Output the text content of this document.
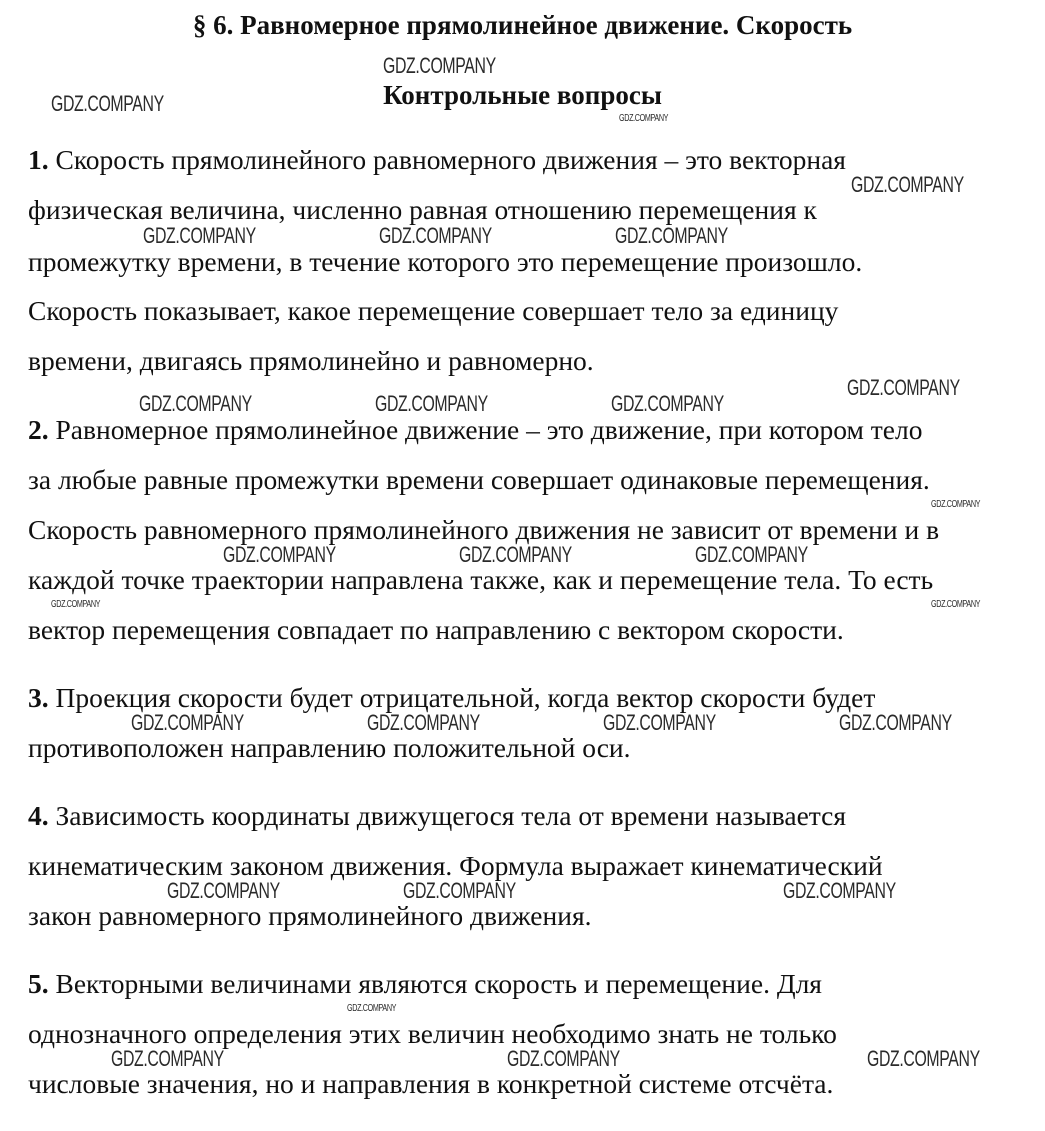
§ 6. Равномерное прямолинейное движение. Скорость
Контрольные вопросы
1. Скорость прямолинейного равномерного движения – это векторная
физическая величина, численно равная отношению перемещения к
промежутку времени, в течение которого это перемещение произошло.
Скорость показывает, какое перемещение совершает тело за единицу
времени, двигаясь прямолинейно и равномерно.
2. Равномерное прямолинейное движение – это движение, при котором тело
за любые равные промежутки времени совершает одинаковые перемещения.
Скорость равномерного прямолинейного движения не зависит от времени и в
каждой точке траектории направлена также, как и перемещение тела. То есть
вектор перемещения совпадает по направлению с вектором скорости.
3. Проекция скорости будет отрицательной, когда вектор скорости будет
противоположен направлению положительной оси.
4. Зависимость координаты движущегося тела от времени называется
кинематическим законом движения. Формула выражает кинематический
закон равномерного прямолинейного движения.
5. Векторными величинами являются скорость и перемещение. Для
однозначного определения этих величин необходимо знать не только
числовые значения, но и направления в конкретной системе отсчёта.
GDZ.COMPANY
GDZ.COMPANY
GDZ.COMPANY
GDZ.COMPANY
GDZ.COMPANY	GDZ.COMPANY	GDZ.COMPANY
GDZ.COMPANY
GDZ.COMPANY	GDZ.COMPANY	GDZ.COMPANY
GDZ.COMPANY
GDZ.COMPANY
GDZ.COMPANY	GDZ.COMPANY
GDZ.COMPANY	GDZ.COMPANY
GDZ.COMPANY
GDZ.COMPANY	GDZ.COMPANY	GDZ.COMPANY
GDZ.COMPANY	GDZ.COMPANY	GDZ.COMPANY
GDZ.COMPANY
GDZ.COMPANY	GDZ.COMPANY	GDZ.COMPANY
